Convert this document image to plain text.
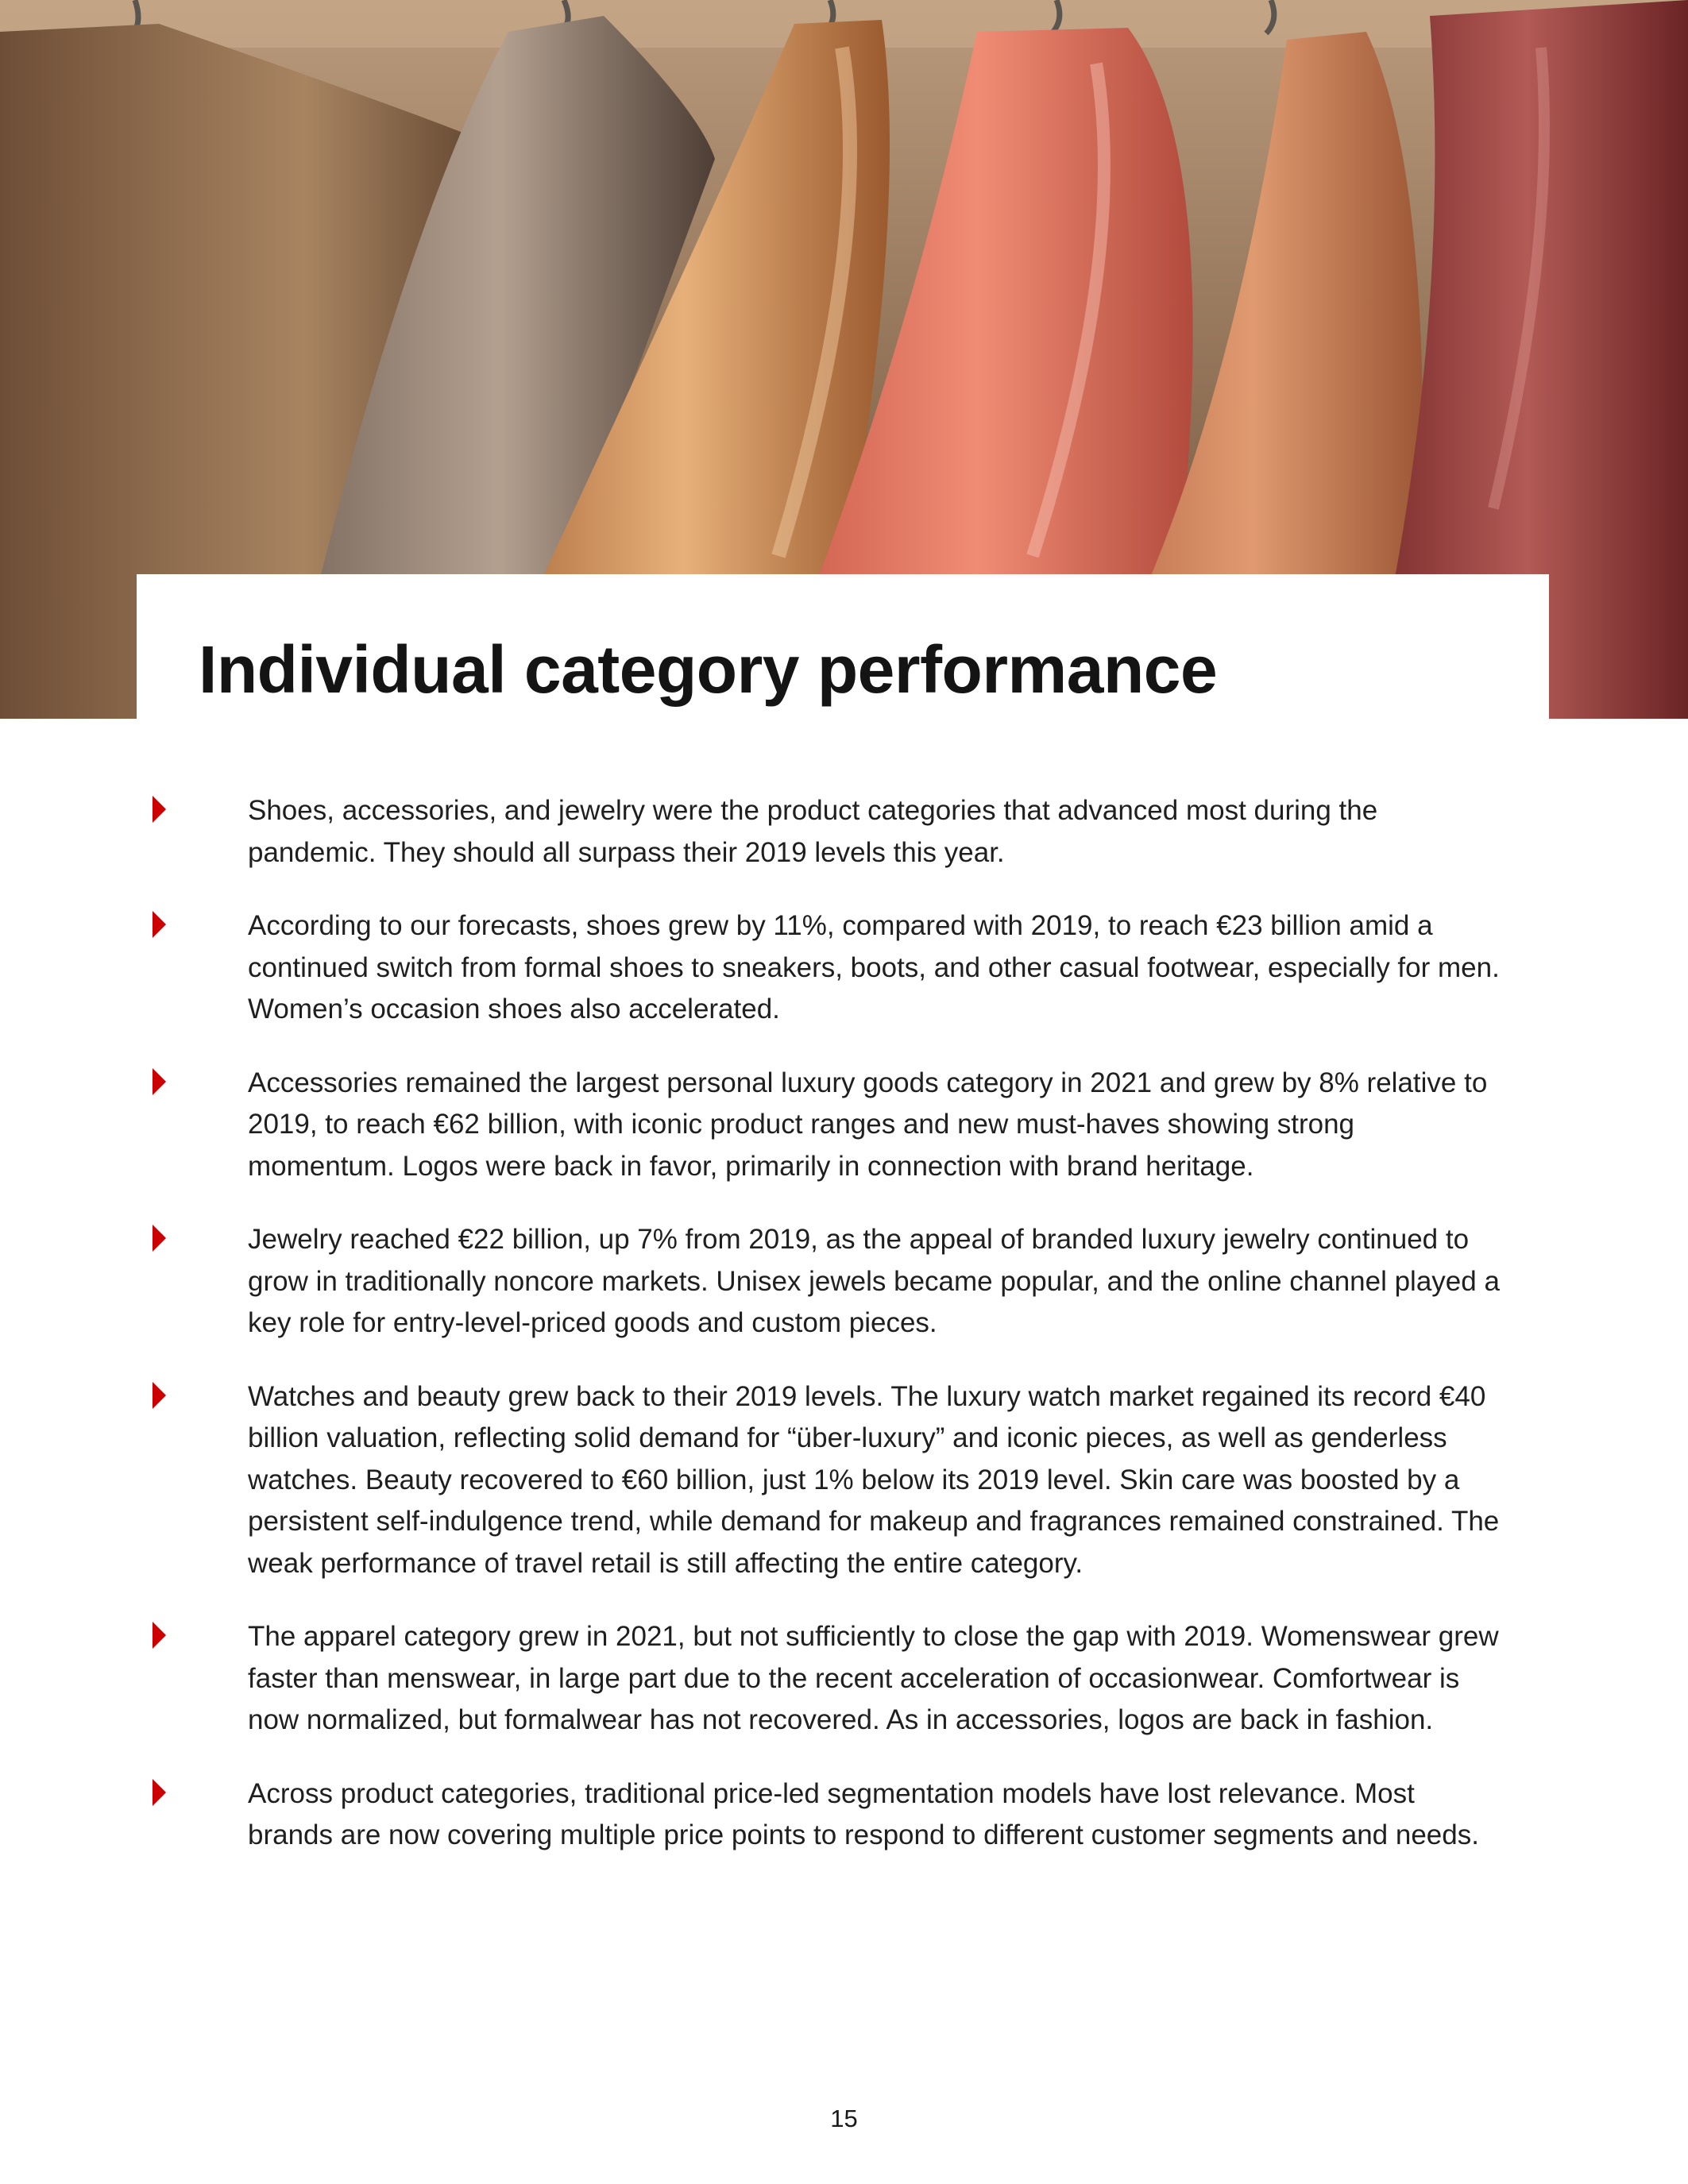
Individual category performance

Shoes, accessories, and jewelry were the product categories that advanced most during the pandemic. They should all surpass their 2019 levels this year.

According to our forecasts, shoes grew by 11%, compared with 2019, to reach €23 billion amid a continued switch from formal shoes to sneakers, boots, and other casual footwear, especially for men. Women’s occasion shoes also accelerated.

Accessories remained the largest personal luxury goods category in 2021 and grew by 8% relative to 2019, to reach €62 billion, with iconic product ranges and new must-haves showing strong momentum. Logos were back in favor, primarily in connection with brand heritage.

Jewelry reached €22 billion, up 7% from 2019, as the appeal of branded luxury jewelry continued to grow in traditionally noncore markets. Unisex jewels became popular, and the online channel played a key role for entry-level-priced goods and custom pieces.

Watches and beauty grew back to their 2019 levels. The luxury watch market regained its record €40 billion valuation, reflecting solid demand for “über-luxury” and iconic pieces, as well as genderless watches. Beauty recovered to €60 billion, just 1% below its 2019 level. Skin care was boosted by a persistent self-indulgence trend, while demand for makeup and fragrances remained constrained. The weak performance of travel retail is still affecting the entire category.

The apparel category grew in 2021, but not sufficiently to close the gap with 2019. Womenswear grew faster than menswear, in large part due to the recent acceleration of occasionwear. Comfortwear is now normalized, but formalwear has not recovered. As in accessories, logos are back in fashion.

Across product categories, traditional price-led segmentation models have lost relevance. Most brands are now covering multiple price points to respond to different customer segments and needs.

15
